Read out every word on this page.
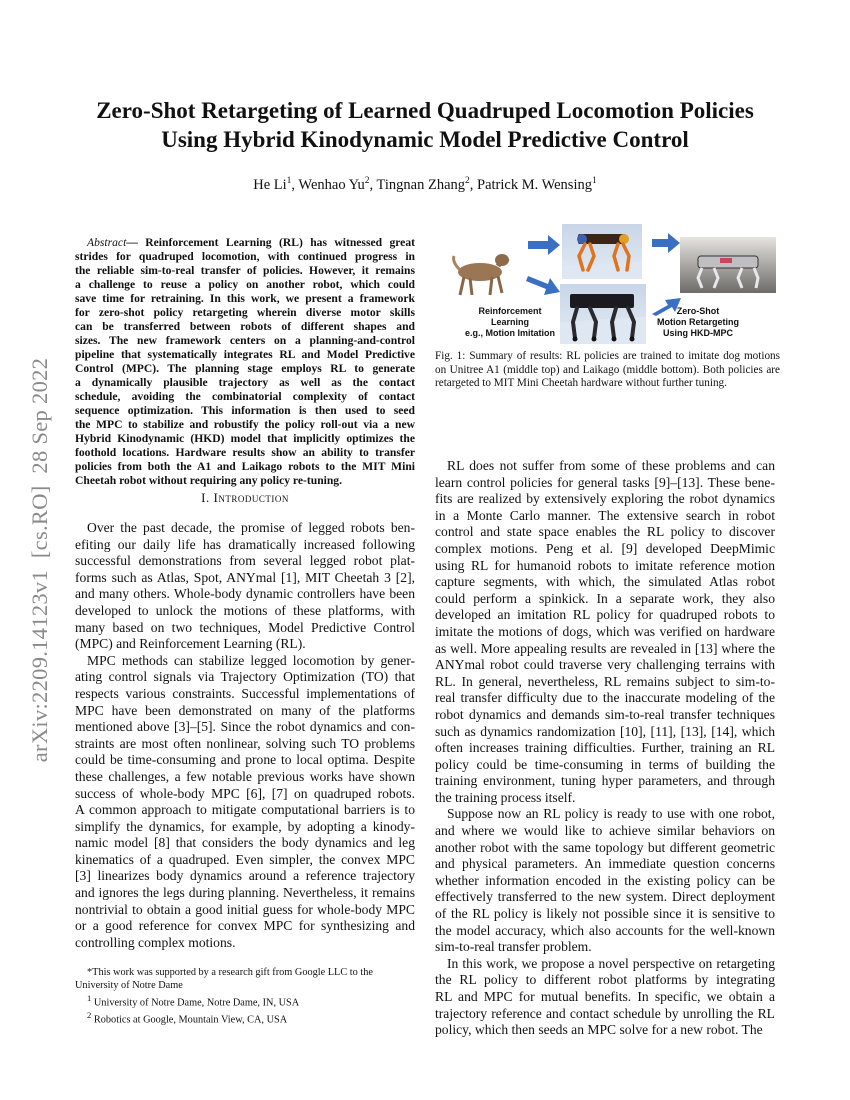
arXiv:2209.14123v1  [cs.RO]  28 Sep 2022
Zero-Shot Retargeting of Learned Quadruped Locomotion Policies
Using Hybrid Kinodynamic Model Predictive Control
He Li$^1$, Wenhao Yu$^2$, Tingnan Zhang$^2$, Patrick M. Wensing$^1$
Abstract— Reinforcement Learning (RL) has witnessed great
strides for quadruped locomotion, with continued progress in
the reliable sim-to-real transfer of policies. However, it remains
a challenge to reuse a policy on another robot, which could
save time for retraining. In this work, we present a framework
for zero-shot policy retargeting wherein diverse motor skills
can be transferred between robots of different shapes and
sizes. The new framework centers on a planning-and-control
pipeline that systematically integrates RL and Model Predictive
Control (MPC). The planning stage employs RL to generate
a dynamically plausible trajectory as well as the contact
schedule, avoiding the combinatorial complexity of contact
sequence optimization. This information is then used to seed
the MPC to stabilize and robustify the policy roll-out via a new
Hybrid Kinodynamic (HKD) model that implicitly optimizes the
foothold locations. Hardware results show an ability to transfer
policies from both the A1 and Laikago robots to the MIT Mini
Cheetah robot without requiring any policy re-tuning.
I. Introduction
Over the past decade, the promise of legged robots ben-
efiting our daily life has dramatically increased following
successful demonstrations from several legged robot plat-
forms such as Atlas, Spot, ANYmal [1], MIT Cheetah 3 [2],
and many others. Whole-body dynamic controllers have been
developed to unlock the motions of these platforms, with
many based on two techniques, Model Predictive Control
(MPC) and Reinforcement Learning (RL).
MPC methods can stabilize legged locomotion by gener-
ating control signals via Trajectory Optimization (TO) that
respects various constraints. Successful implementations of
MPC have been demonstrated on many of the platforms
mentioned above [3]–[5]. Since the robot dynamics and con-
straints are most often nonlinear, solving such TO problems
could be time-consuming and prone to local optima. Despite
these challenges, a few notable previous works have shown
success of whole-body MPC [6], [7] on quadruped robots.
A common approach to mitigate computational barriers is to
simplify the dynamics, for example, by adopting a kinody-
namic model [8] that considers the body dynamics and leg
kinematics of a quadruped. Even simpler, the convex MPC
[3] linearizes body dynamics around a reference trajectory
and ignores the legs during planning. Nevertheless, it remains
nontrivial to obtain a good initial guess for whole-body MPC
or a good reference for convex MPC for synthesizing and
controlling complex motions.
*This work was supported by a research gift from Google LLC to the
University of Notre Dame
$^1$ University of Notre Dame, Notre Dame, IN, USA
$^2$ Robotics at Google, Mountain View, CA, USA
Reinforcement
Learning
e.g., Motion Imitation
Zero-Shot
Motion Retargeting
Using HKD-MPC
Fig. 1: Summary of results: RL policies are trained to imitate dog motions
on Unitree A1 (middle top) and Laikago (middle bottom). Both policies are
retargeted to MIT Mini Cheetah hardware without further tuning.
RL does not suffer from some of these problems and can
learn control policies for general tasks [9]–[13]. These bene-
fits are realized by extensively exploring the robot dynamics
in a Monte Carlo manner. The extensive search in robot
control and state space enables the RL policy to discover
complex motions. Peng et al. [9] developed DeepMimic
using RL for humanoid robots to imitate reference motion
capture segments, with which, the simulated Atlas robot
could perform a spinkick. In a separate work, they also
developed an imitation RL policy for quadruped robots to
imitate the motions of dogs, which was verified on hardware
as well. More appealing results are revealed in [13] where the
ANYmal robot could traverse very challenging terrains with
RL. In general, nevertheless, RL remains subject to sim-to-
real transfer difficulty due to the inaccurate modeling of the
robot dynamics and demands sim-to-real transfer techniques
such as dynamics randomization [10], [11], [13], [14], which
often increases training difficulties. Further, training an RL
policy could be time-consuming in terms of building the
training environment, tuning hyper parameters, and through
the training process itself.
Suppose now an RL policy is ready to use with one robot,
and where we would like to achieve similar behaviors on
another robot with the same topology but different geometric
and physical parameters. An immediate question concerns
whether information encoded in the existing policy can be
effectively transferred to the new system. Direct deployment
of the RL policy is likely not possible since it is sensitive to
the model accuracy, which also accounts for the well-known
sim-to-real transfer problem.
In this work, we propose a novel perspective on retargeting
the RL policy to different robot platforms by integrating
RL and MPC for mutual benefits. In specific, we obtain a
trajectory reference and contact schedule by unrolling the RL
policy, which then seeds an MPC solve for a new robot. The
